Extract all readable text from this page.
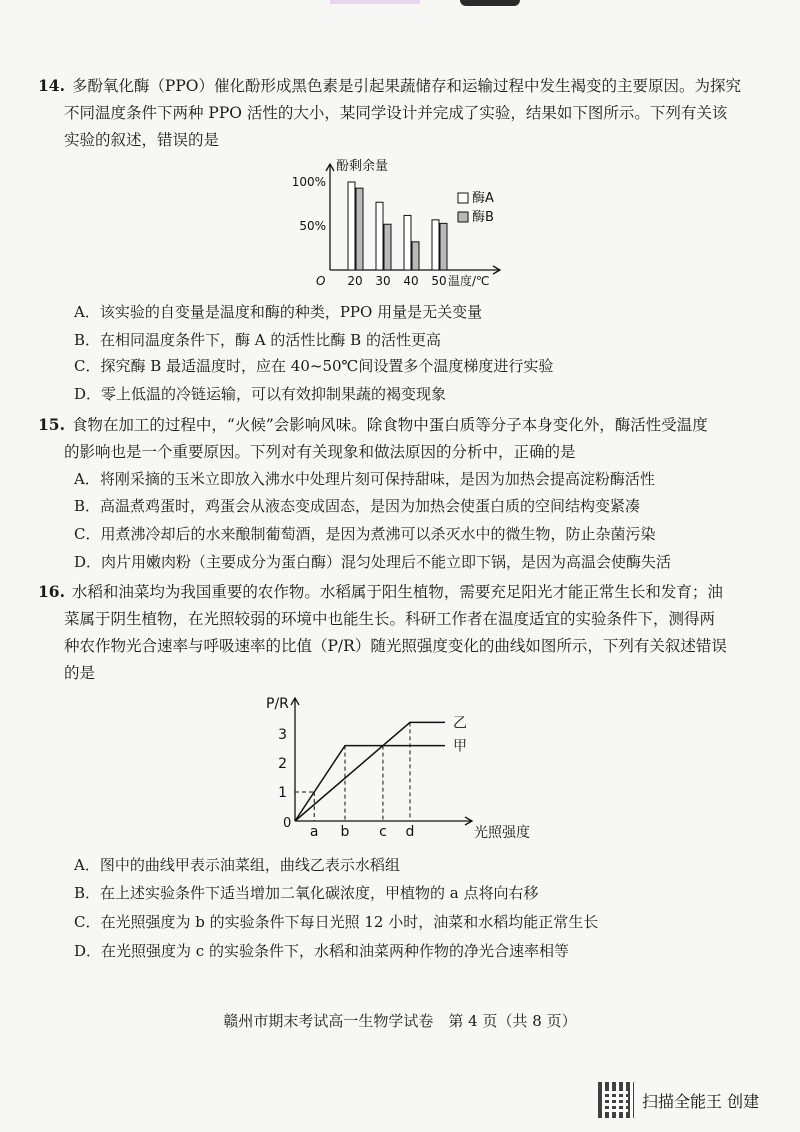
14. 多酚氧化酶（PPO）催化酚形成黑色素是引起果蔬储存和运输过程中发生褐变的主要原因。为探究
不同温度条件下两种 PPO 活性的大小，某同学设计并完成了实验，结果如下图所示。下列有关该
实验的叙述，错误的是
酚剩余量
温度/℃
O
100%
50%
20 30 40 50
酶A
酶B
A．该实验的自变量是温度和酶的种类，PPO 用量是无关变量
B．在相同温度条件下，酶 A 的活性比酶 B 的活性更高
C．探究酶 B 最适温度时，应在 40~50℃间设置多个温度梯度进行实验
D．零上低温的冷链运输，可以有效抑制果蔬的褐变现象
15. 食物在加工的过程中，“火候”会影响风味。除食物中蛋白质等分子本身变化外，酶活性受温度
的影响也是一个重要原因。下列对有关现象和做法原因的分析中，正确的是
A．将刚采摘的玉米立即放入沸水中处理片刻可保持甜味，是因为加热会提高淀粉酶活性
B．高温煮鸡蛋时，鸡蛋会从液态变成固态，是因为加热会使蛋白质的空间结构变紧凑
C．用煮沸冷却后的水来酿制葡萄酒，是因为煮沸可以杀灭水中的微生物，防止杂菌污染
D．肉片用嫩肉粉（主要成分为蛋白酶）混匀处理后不能立即下锅，是因为高温会使酶失活
16. 水稻和油菜均为我国重要的农作物。水稻属于阳生植物，需要充足阳光才能正常生长和发育；油
菜属于阴生植物，在光照较弱的环境中也能生长。科研工作者在温度适宜的实验条件下，测得两
种农作物光合速率与呼吸速率的比值（P/R）随光照强度变化的曲线如图所示，下列有关叙述错误
的是
P/R
光照强度
0
1
2
3
甲
乙
a b c d
A．图中的曲线甲表示油菜组，曲线乙表示水稻组
B．在上述实验条件下适当增加二氧化碳浓度，甲植物的 a 点将向右移
C．在光照强度为 b 的实验条件下每日光照 12 小时，油菜和水稻均能正常生长
D．在光照强度为 c 的实验条件下，水稻和油菜两种作物的净光合速率相等
赣州市期末考试高一生物学试卷　第 4 页（共 8 页）
扫描全能王 创建
